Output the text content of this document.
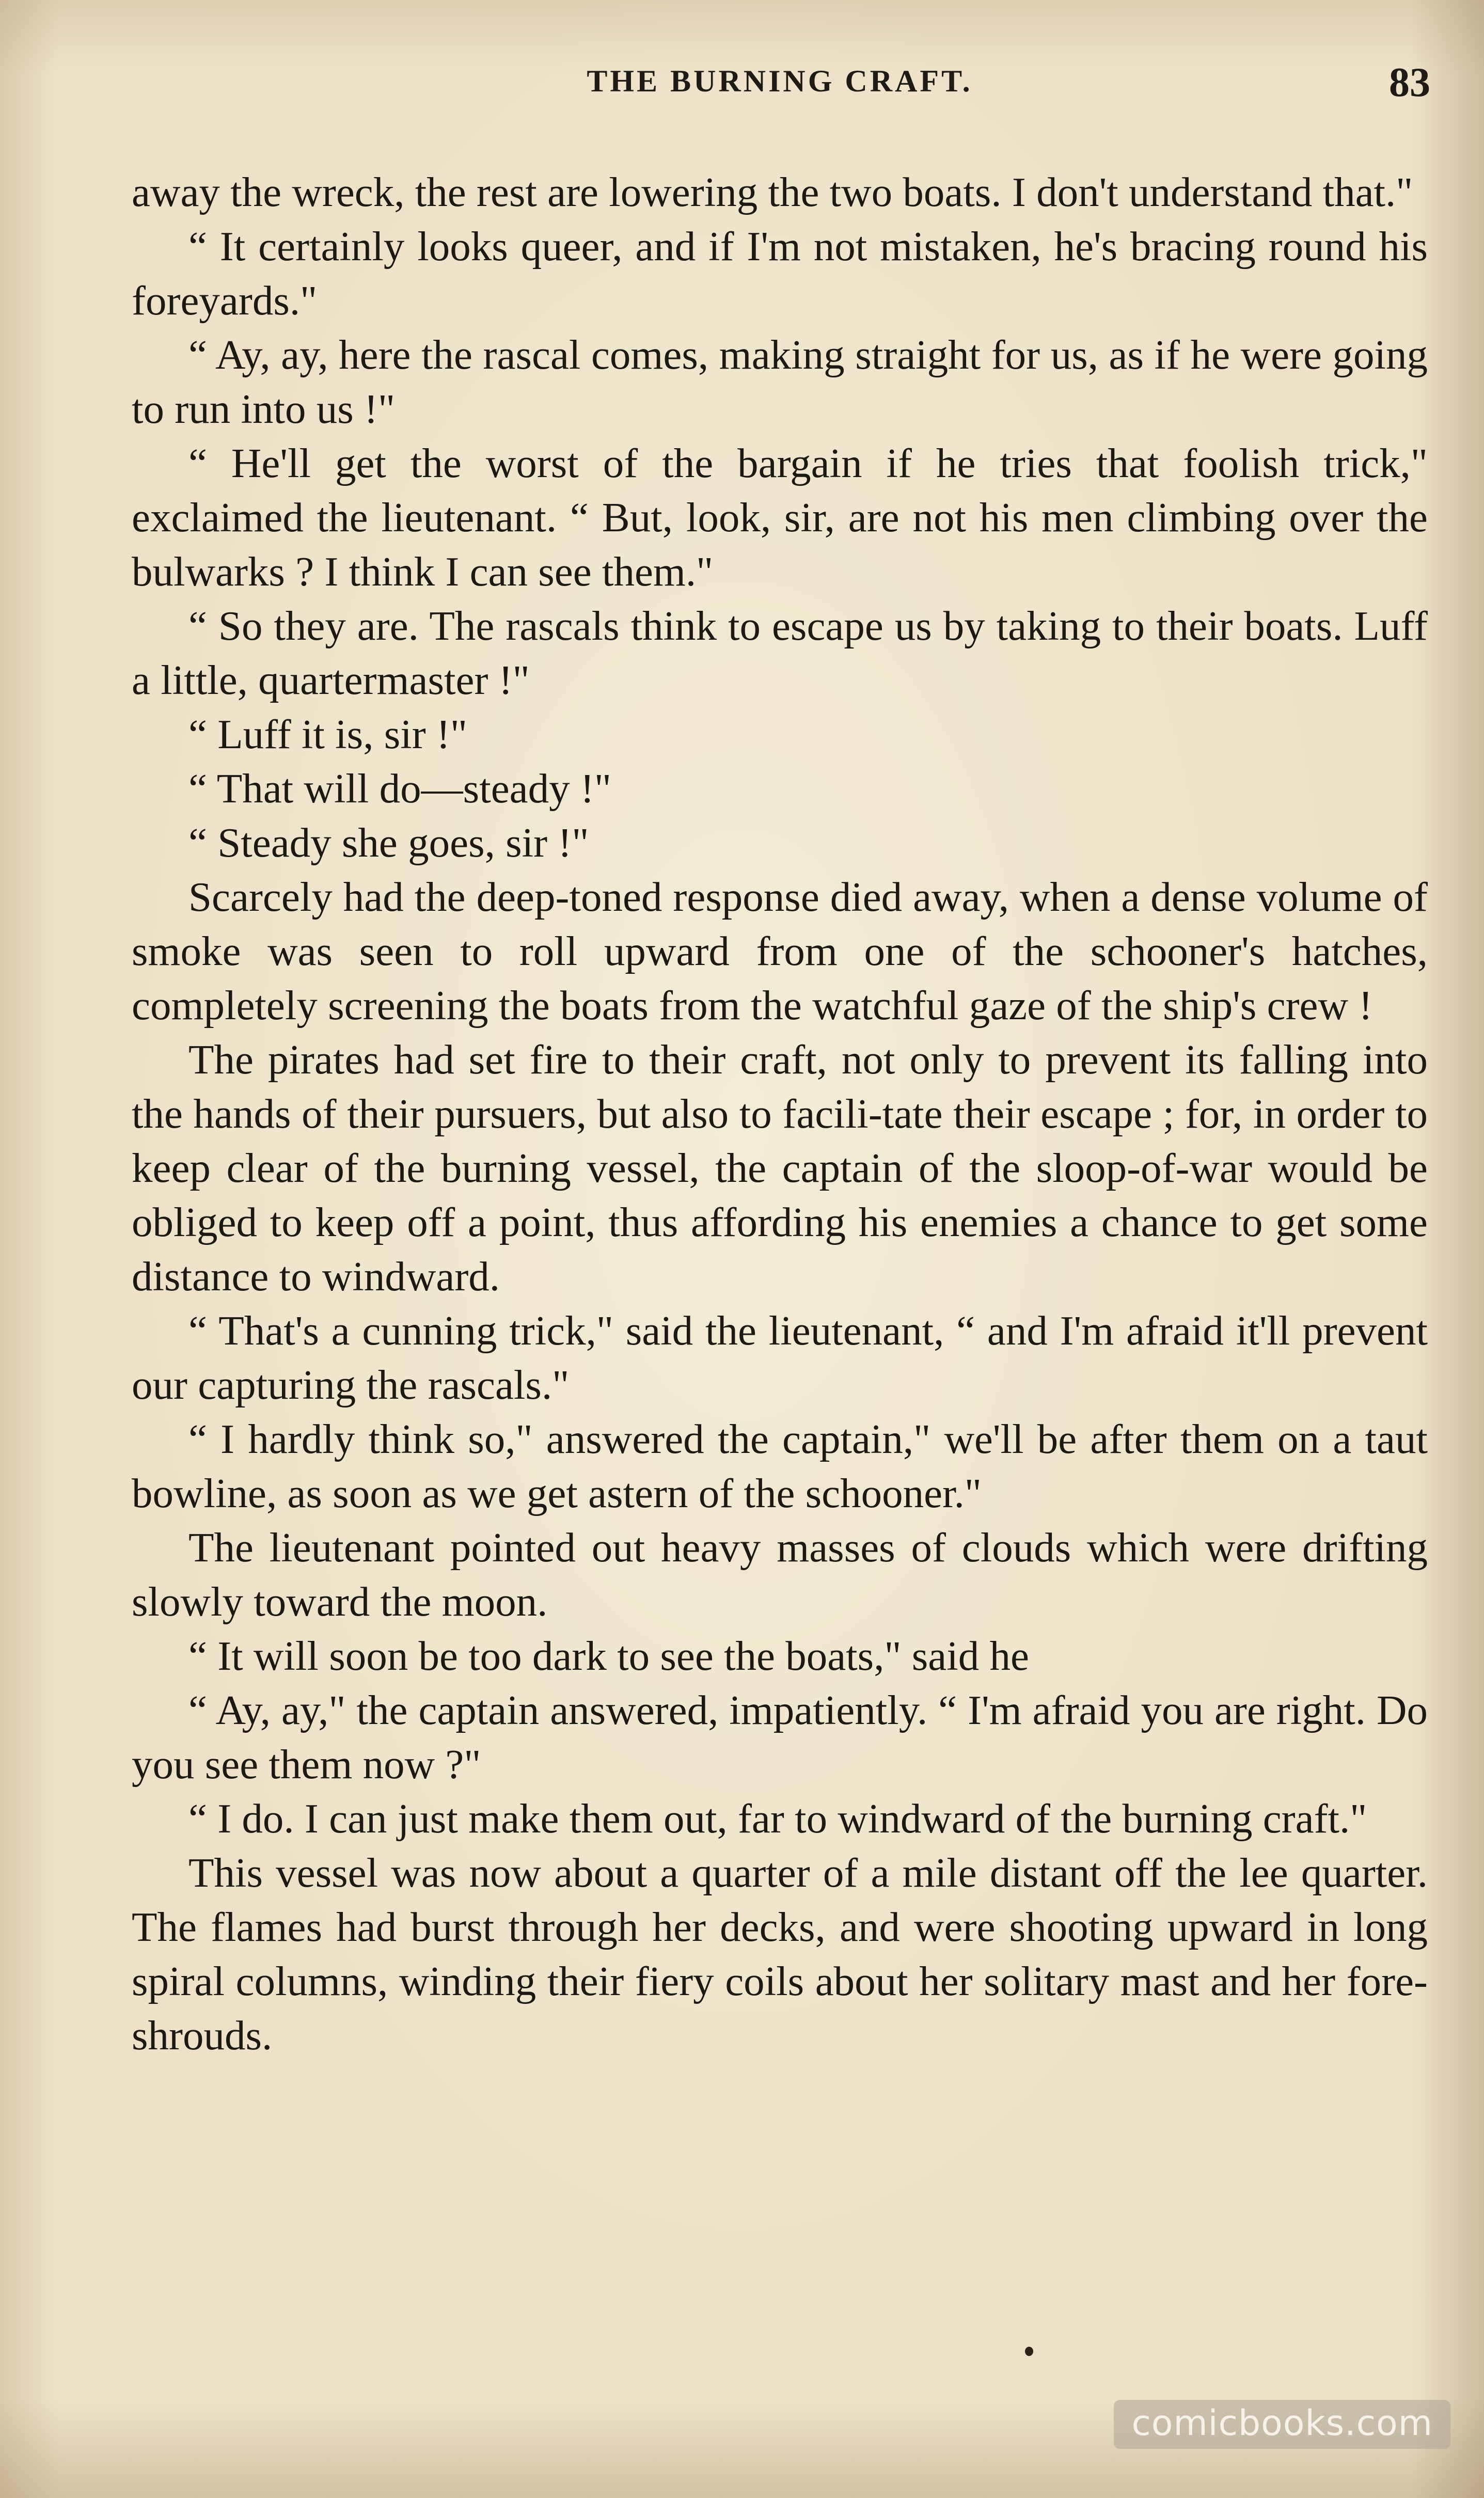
THE BURNING CRAFT.	83

away the wreck, the rest are lowering the two boats. I don't understand that."

“ It certainly looks queer, and if I'm not mistaken, he's bracing round his foreyards."

“ Ay, ay, here the rascal comes, making straight for us, as if he were going to run into us !"

“ He'll get the worst of the bargain if he tries that foolish trick," exclaimed the lieutenant. “ But, look, sir, are not his men climbing over the bulwarks ? I think I can see them."

“ So they are. The rascals think to escape us by taking to their boats. Luff a little, quartermaster !"

“ Luff it is, sir !"

“ That will do—steady !"

“ Steady she goes, sir !"

Scarcely had the deep-toned response died away, when a dense volume of smoke was seen to roll upward from one of the schooner's hatches, completely screening the boats from the watchful gaze of the ship's crew !

The pirates had set fire to their craft, not only to prevent its falling into the hands of their pursuers, but also to facili-tate their escape ; for, in order to keep clear of the burning vessel, the captain of the sloop-of-war would be obliged to keep off a point, thus affording his enemies a chance to get some distance to windward.

“ That's a cunning trick," said the lieutenant, “ and I'm afraid it'll prevent our capturing the rascals."

“ I hardly think so," answered the captain," we'll be after them on a taut bowline, as soon as we get astern of the schooner."

The lieutenant pointed out heavy masses of clouds which were drifting slowly toward the moon.

“ It will soon be too dark to see the boats," said he

“ Ay, ay," the captain answered, impatiently. “ I'm afraid you are right. Do you see them now ?"

“ I do. I can just make them out, far to windward of the burning craft."

This vessel was now about a quarter of a mile distant off the lee quarter. The flames had burst through her decks, and were shooting upward in long spiral columns, winding their fiery coils about her solitary mast and her fore-shrouds.

comicbooks.com
